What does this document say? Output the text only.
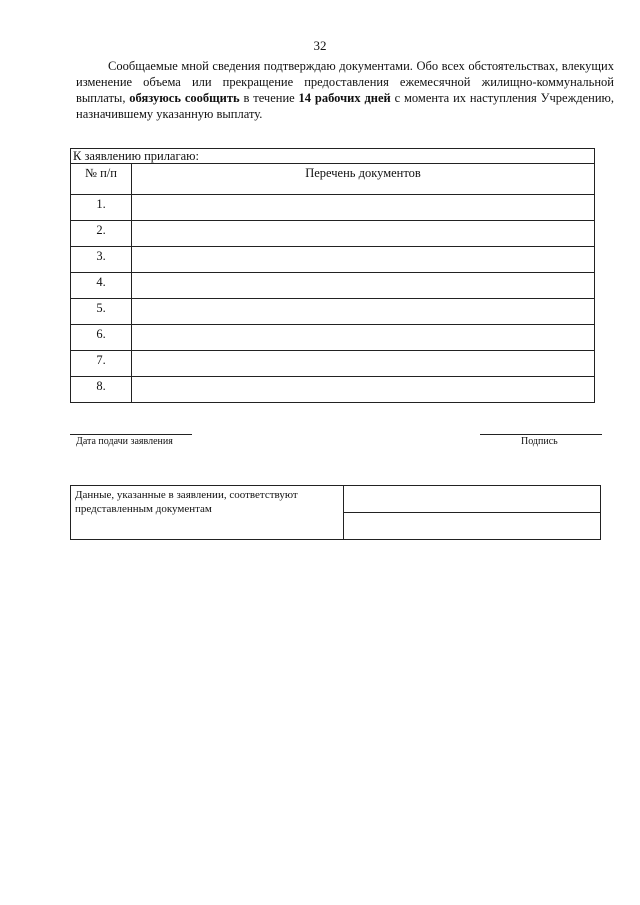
32
Сообщаемые мной сведения подтверждаю документами. Обо всех обстоятельствах, влекущих изменение объема или прекращение предоставления ежемесячной жилищно-коммунальной выплаты, обязуюсь сообщить в течение 14 рабочих дней с момента их наступления Учреждению, назначившему указанную выплату.
К заявлению прилагаю:	
№ п/п	Перечень документов
1.	
2.	
3.	
4.	
5.	
6.	
7.	
8.	
Дата подачи заявления	Подпись
Данные, указанные в заявлении, соответствуют представленным документам	
